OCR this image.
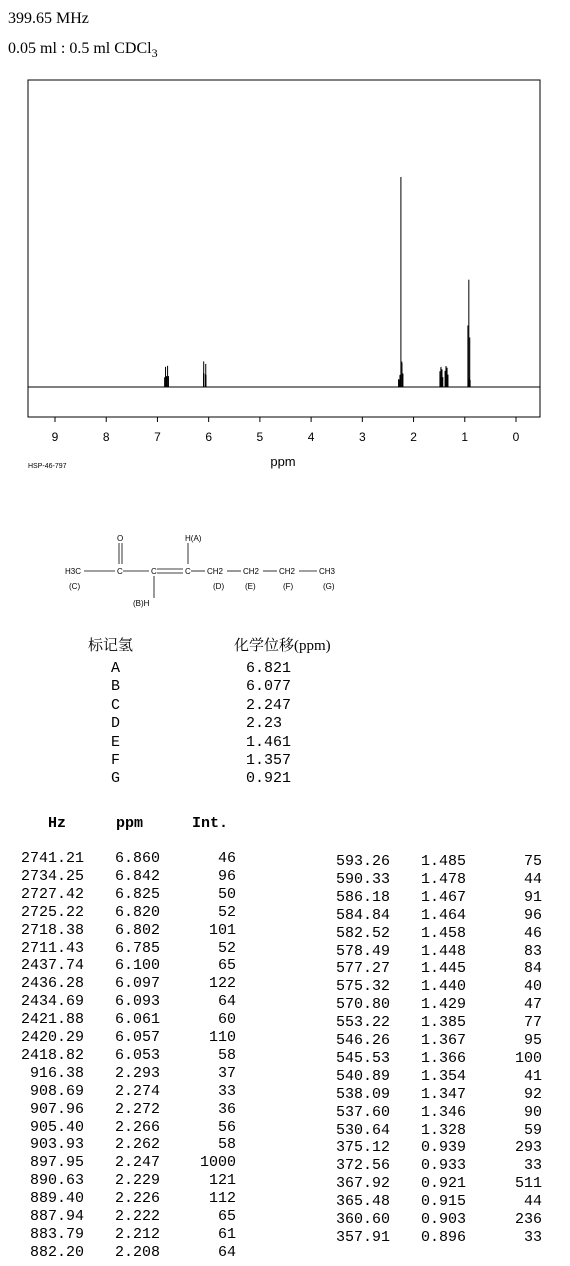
399.65 MHz
0.05 ml : 0.5 ml CDCl$_3$
9	8	7	6	5	4	3	2	1	0
ppm
HSP-46-797
O	H(A)
H3C	C	C	C CH2 CH2 CH2	CH3
(C)	(D)	(E)	(F)	(G)
(B)H
标记氢	化学位移(ppm)
A	6.821
B	6.077
C	2.247
D	2.23
E	1.461
F	1.357
G	0.921
Hz	ppm	Int.
2741.21 6.860	46
2734.25 6.842	96
2727.42 6.825	50
2725.22 6.820	52
2718.38 6.802	101
2711.43 6.785	52
2437.74 6.100	65
2436.28 6.097	122
2434.69 6.093	64
2421.88 6.061	60
2420.29 6.057	110
2418.82 6.053	58
916.38 2.293	37
908.69 2.274	33
907.96 2.272	36
905.40 2.266	56
903.93 2.262	58
897.95 2.247	1000
890.63 2.229	121
889.40 2.226	112
887.94 2.222	65
883.79 2.212	61
882.20 2.208	64
593.26 1.485	75
590.33 1.478	44
586.18 1.467	91
584.84 1.464	96
582.52 1.458	46
578.49 1.448	83
577.27 1.445	84
575.32 1.440	40
570.80 1.429	47
553.22 1.385	77
546.26 1.367	95
545.53 1.366	100
540.89 1.354	41
538.09 1.347	92
537.60 1.346	90
530.64 1.328	59
375.12 0.939	293
372.56 0.933	33
367.92 0.921	511
365.48 0.915	44
360.60 0.903	236
357.91 0.896	33
